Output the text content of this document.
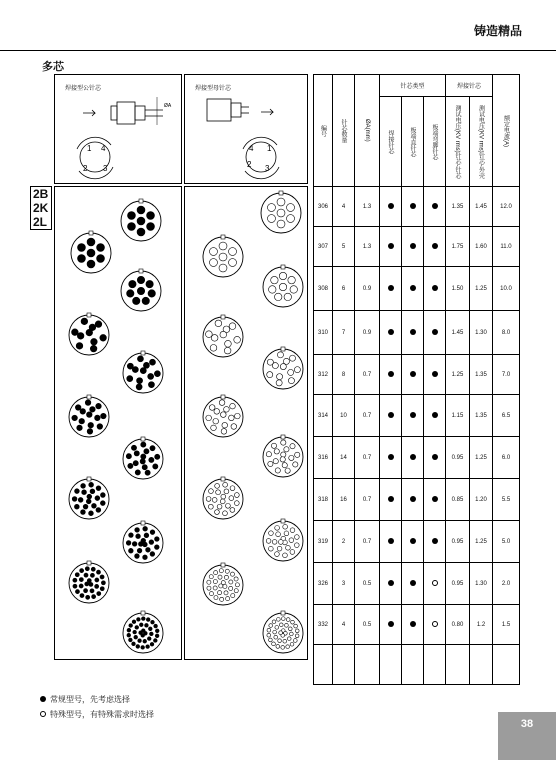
铸造精品
多芯
焊接型公针芯
ØA
1
2 3
4
焊接型母针芯
4
2 3
1
2B
2K
2L
编号	针芯数量	ØA(mm)	针芯类型			焊接针芯		额定电流(A)

			焊接针芯	板端直针芯	板端弯脚针芯	测试电压(KV rms)针芯-针芯	测试电压(KV rms)针芯-外壳	

306	4	1.3				1.35	1.45	12.0
307	5	1.3				1.75	1.60	11.0
308	6	0.9				1.50	1.25	10.0
310	7	0.9				1.45	1.30	8.0
312	8	0.7				1.25	1.35	7.0
314	10	0.7				1.15	1.35	6.5
316	14	0.7				0.95	1.25	6.0
318	16	0.7				0.85	1.20	5.5
319	2	0.7				0.95	1.25	5.0
326	3	0.5				0.95	1.30	2.0
332	4	0.5				0.80	1.2	1.5

常规型号，先考虑选择
特殊型号，有特殊需求时选择
38
